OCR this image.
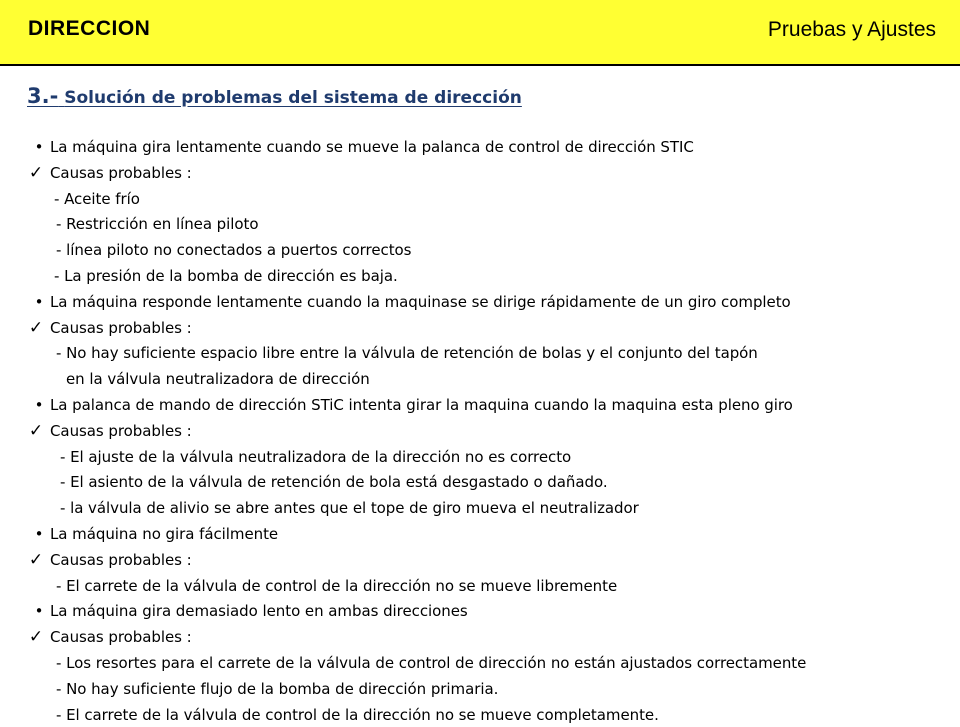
DIRECCION	Pruebas y Ajustes
3.- Solución de problemas del sistema de dirección
• La máquina gira lentamente cuando se mueve la palanca de control de dirección STIC
✓ Causas probables :
- Aceite frío
- Restricción en línea piloto
- línea piloto no conectados a puertos correctos
- La presión de la bomba de dirección es baja.
• La máquina responde lentamente cuando la maquinase se dirige rápidamente de un giro completo
✓ Causas probables :
- No hay suficiente espacio libre entre la válvula de retención de bolas y el conjunto del tapón
en la válvula neutralizadora de dirección
• La palanca de mando de dirección STiC intenta girar la maquina cuando la maquina esta pleno giro
✓ Causas probables :
- El ajuste de la válvula neutralizadora de la dirección no es correcto
- El asiento de la válvula de retención de bola está desgastado o dañado.
- la válvula de alivio se abre antes que el tope de giro mueva el neutralizador
• La máquina no gira fácilmente
✓ Causas probables :
- El carrete de la válvula de control de la dirección no se mueve libremente
• La máquina gira demasiado lento en ambas direcciones
✓ Causas probables :
- Los resortes para el carrete de la válvula de control de dirección no están ajustados correctamente
- No hay suficiente flujo de la bomba de dirección primaria.
- El carrete de la válvula de control de la dirección no se mueve completamente.
